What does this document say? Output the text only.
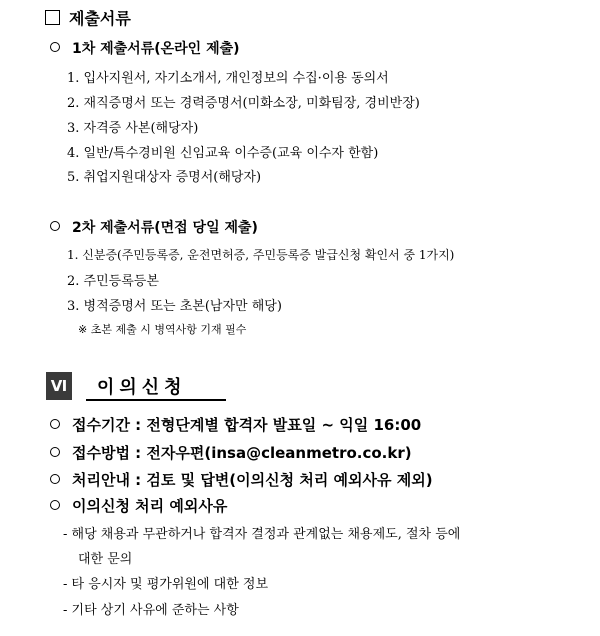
제출서류
1차 제출서류(온라인 제출)
1. 입사지원서, 자기소개서, 개인정보의 수집·이용 동의서
2. 재직증명서 또는 경력증명서(미화소장, 미화팀장, 경비반장)
3. 자격증 사본(해당자)
4. 일반/특수경비원 신임교육 이수증(교육 이수자 한함)
5. 취업지원대상자 증명서(해당자)
2차 제출서류(면접 당일 제출)
1. 신분증(주민등록증, 운전면허증, 주민등록증 발급신청 확인서 중 1가지)
2. 주민등록등본
3. 병적증명서 또는 초본(남자만 해당)
※ 초본 제출 시 병역사항 기재 필수
Ⅵ 이의신청
접수기간 : 전형단계별 합격자 발표일 ~ 익일 16:00
접수방법 : 전자우편(insa@cleanmetro.co.kr)
처리안내 : 검토 및 답변(이의신청 처리 예외사유 제외)
이의신청 처리 예외사유
- 해당 채용과 무관하거나 합격자 결정과 관계없는 채용제도, 절차 등에
대한 문의
- 타 응시자 및 평가위원에 대한 정보
- 기타 상기 사유에 준하는 사항
